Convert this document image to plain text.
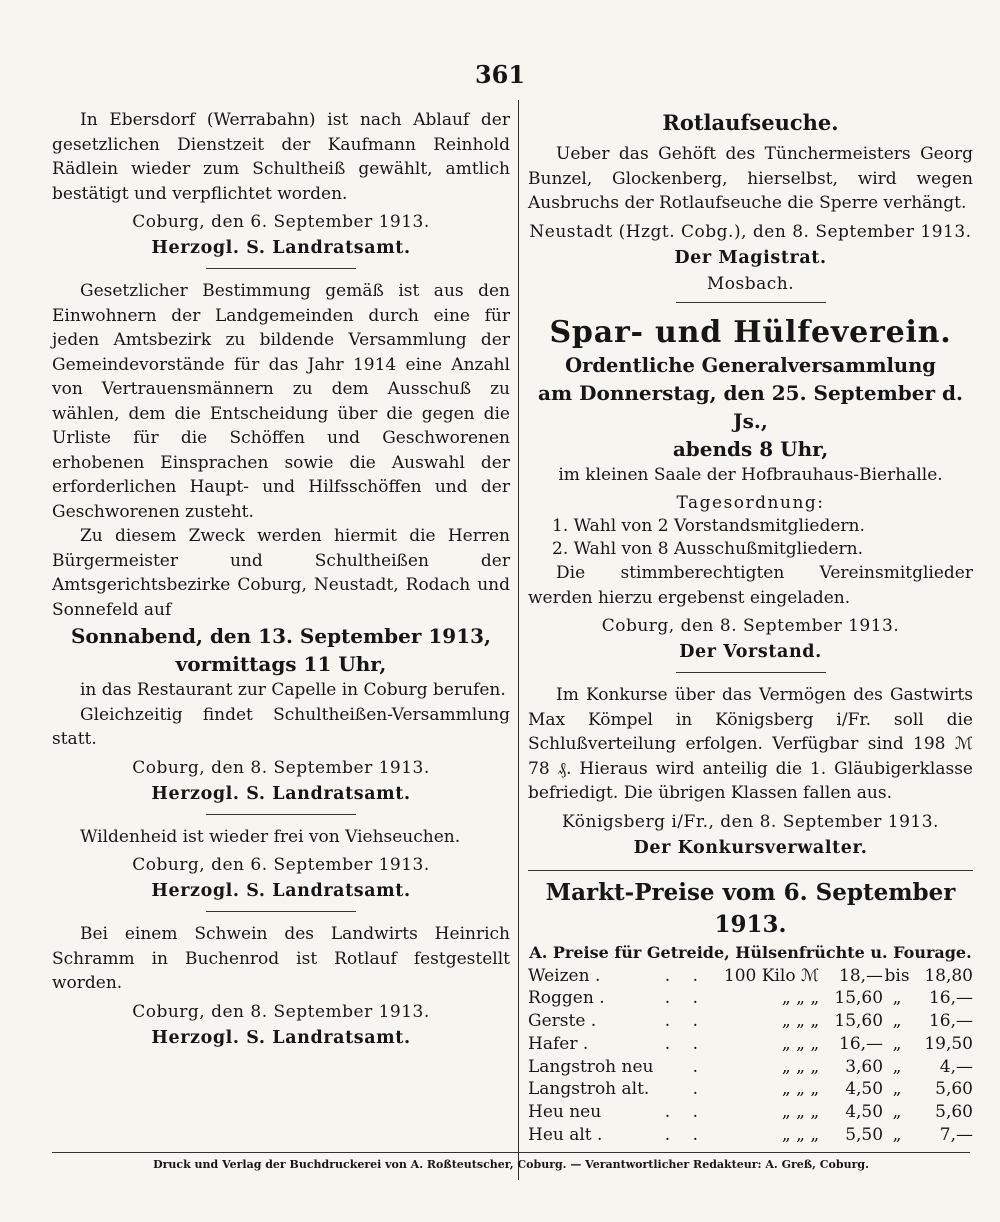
361

In Ebersdorf (Werrabahn) ist nach Ablauf der gesetzlichen Dienstzeit der Kaufmann Reinhold Rädlein wieder zum Schultheiß gewählt, amtlich bestätigt und verpflichtet worden.

Coburg, den 6. September 1913.

Herzogl. S. Landratsamt.

Gesetzlicher Bestimmung gemäß ist aus den Einwohnern der Landgemeinden durch eine für jeden Amtsbezirk zu bildende Versammlung der Gemeindevorstände für das Jahr 1914 eine Anzahl von Vertrauensmännern zu dem Ausschuß zu wählen, dem die Entscheidung über die gegen die Urliste für die Schöffen und Geschworenen erhobenen Einsprachen sowie die Auswahl der erforderlichen Haupt- und Hilfsschöffen und der Geschworenen zusteht.

Zu diesem Zweck werden hiermit die Herren Bürgermeister und Schultheißen der Amtsgerichtsbezirke Coburg, Neustadt, Rodach und Sonnefeld auf

Sonnabend, den 13. September 1913,

vormittags 11 Uhr,

in das Restaurant zur Capelle in Coburg berufen.

Gleichzeitig findet Schultheißen-Versammlung statt.

Coburg, den 8. September 1913.

Herzogl. S. Landratsamt.

Wildenheid ist wieder frei von Viehseuchen.

Coburg, den 6. September 1913.

Herzogl. S. Landratsamt.

Bei einem Schwein des Landwirts Heinrich Schramm in Buchenrod ist Rotlauf festgestellt worden.

Coburg, den 8. September 1913.

Herzogl. S. Landratsamt.

Rotlaufseuche.

Ueber das Gehöft des Tünchermeisters Georg Bunzel, Glockenberg, hierselbst, wird wegen Ausbruchs der Rotlaufseuche die Sperre verhängt.

Neustadt (Hzgt. Cobg.), den 8. September 1913.

Der Magistrat.

Mosbach.

Spar- und Hülfeverein.

Ordentliche Generalversammlung

am Donnerstag, den 25. September d. Js.,

abends 8 Uhr,

im kleinen Saale der Hofbrauhaus-Bierhalle.

Tagesordnung:

1. Wahl von 2 Vorstandsmitgliedern.

2. Wahl von 8 Ausschußmitgliedern.

Die stimmberechtigten Vereinsmitglieder werden hierzu ergebenst eingeladen.

Coburg, den 8. September 1913.

Der Vorstand.

Im Konkurse über das Vermögen des Gastwirts Max Kömpel in Königsberg i/Fr. soll die Schlußverteilung erfolgen. Verfügbar sind 198 ℳ 78 ₰. Hieraus wird anteilig die 1. Gläubigerklasse befriedigt. Die übrigen Klassen fallen aus.

Königsberg i/Fr., den 8. September 1913.

Der Konkursverwalter.

Markt-Preise vom 6. September 1913.

A. Preise für Getreide, Hülsenfrüchte u. Fourage.

Weizen .	.	.	100 Kilo ℳ	18,—	bis	18,80
Roggen .	.	.	„ „ „	15,60	„	16,—
Gerste .	.	.	„ „ „	15,60	„	16,—
Hafer .	.	.	„ „ „	16,—	„	19,50
Langstroh neu		.	„ „ „	3,60	„	4,—
Langstroh alt.		.	„ „ „	4,50	„	5,60
Heu neu	.	.	„ „ „	4,50	„	5,60
Heu alt .	.	.	„ „ „	5,50	„	7,—
Druck und Verlag der Buchdruckerei von A. Roßteutscher, Coburg. — Verantwortlicher Redakteur: A. Greß, Coburg.
